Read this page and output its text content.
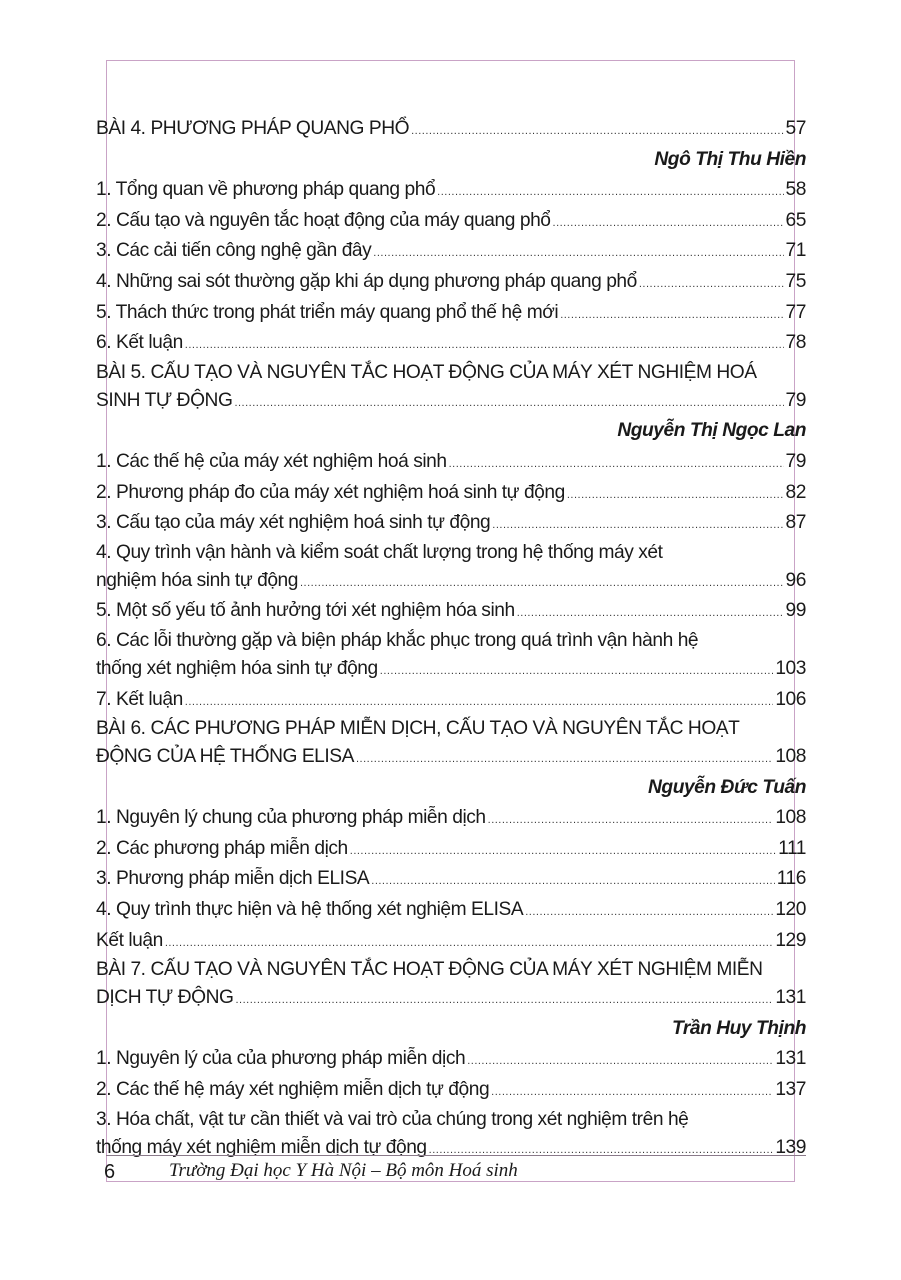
BÀI 4. PHƯƠNG PHÁP QUANG PHỔ .....	57
Ngô Thị Thu Hiền
1. Tổng quan về phương pháp quang phổ .....	58
2. Cấu tạo và nguyên tắc hoạt động của máy quang phổ .....	65
3. Các cải tiến công nghệ gần đây .....	71
4. Những sai sót thường gặp khi áp dụng phương pháp quang phổ .....	75
5. Thách thức trong phát triển máy quang phổ thế hệ mới .....	77
6. Kết luận .....	78
BÀI 5. CẤU TẠO VÀ NGUYÊN TẮC HOẠT ĐỘNG CỦA MÁY XÉT NGHIỆM HOÁ
SINH TỰ ĐỘNG .....	79
Nguyễn Thị Ngọc Lan
1. Các thế hệ của máy xét nghiệm hoá sinh .....	79
2. Phương pháp đo của máy xét nghiệm hoá sinh tự động .....	82
3. Cấu tạo của máy xét nghiệm hoá sinh tự động .....	87
4. Quy trình vận hành và kiểm soát chất lượng trong hệ thống máy xét
nghiệm hóa sinh tự động .....	96
5. Một số yếu tố ảnh hưởng tới xét nghiệm hóa sinh .....	99
6. Các lỗi thường gặp và biện pháp khắc phục trong quá trình vận hành hệ
thống xét nghiệm hóa sinh tự động .....	103
7. Kết luận .....	106
BÀI 6. CÁC PHƯƠNG PHÁP MIỄN DỊCH, CẤU TẠO VÀ NGUYÊN TẮC HOẠT
ĐỘNG CỦA HỆ THỐNG ELISA .....	108
Nguyễn Đức Tuấn
1. Nguyên lý chung của phương pháp miễn dịch .....	108
2. Các phương pháp miễn dịch .....	111
3. Phương pháp miễn dịch ELISA .....	116
4. Quy trình thực hiện và hệ thống xét nghiệm ELISA .....	120
Kết luận .....	129
BÀI 7. CẤU TẠO VÀ NGUYÊN TẮC HOẠT ĐỘNG CỦA MÁY XÉT NGHIỆM MIỄN
DỊCH TỰ ĐỘNG .....	131
Trần Huy Thịnh
1. Nguyên lý của của phương pháp miễn dịch .....	131
2. Các thế hệ máy xét nghiệm miễn dịch tự động .....	137
3. Hóa chất, vật tư cần thiết và vai trò của chúng trong xét nghiệm trên hệ
thống máy xét nghiệm miễn dịch tự động .....	139
6	Trường Đại học Y Hà Nội – Bộ môn Hoá sinh
